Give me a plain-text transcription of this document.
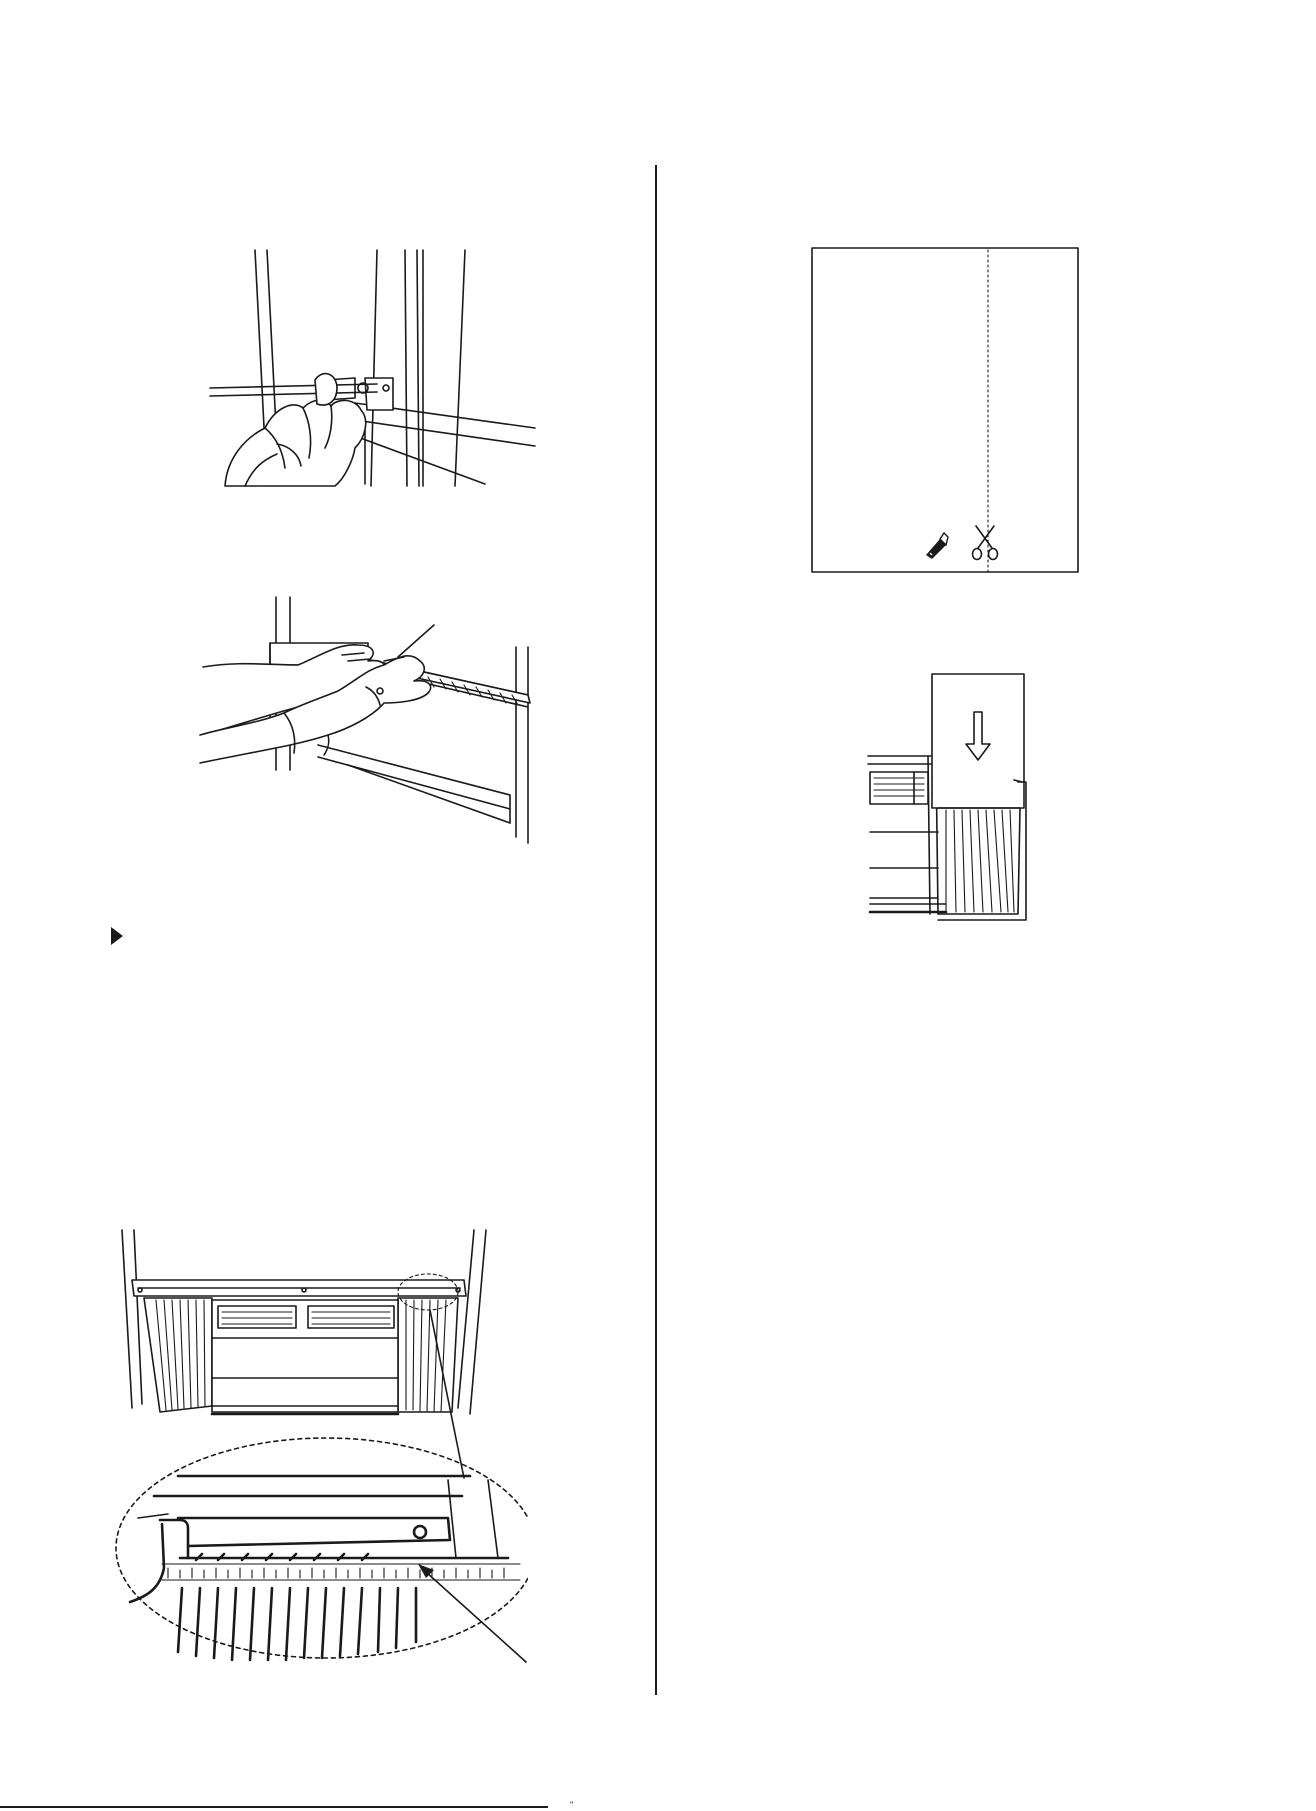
"
